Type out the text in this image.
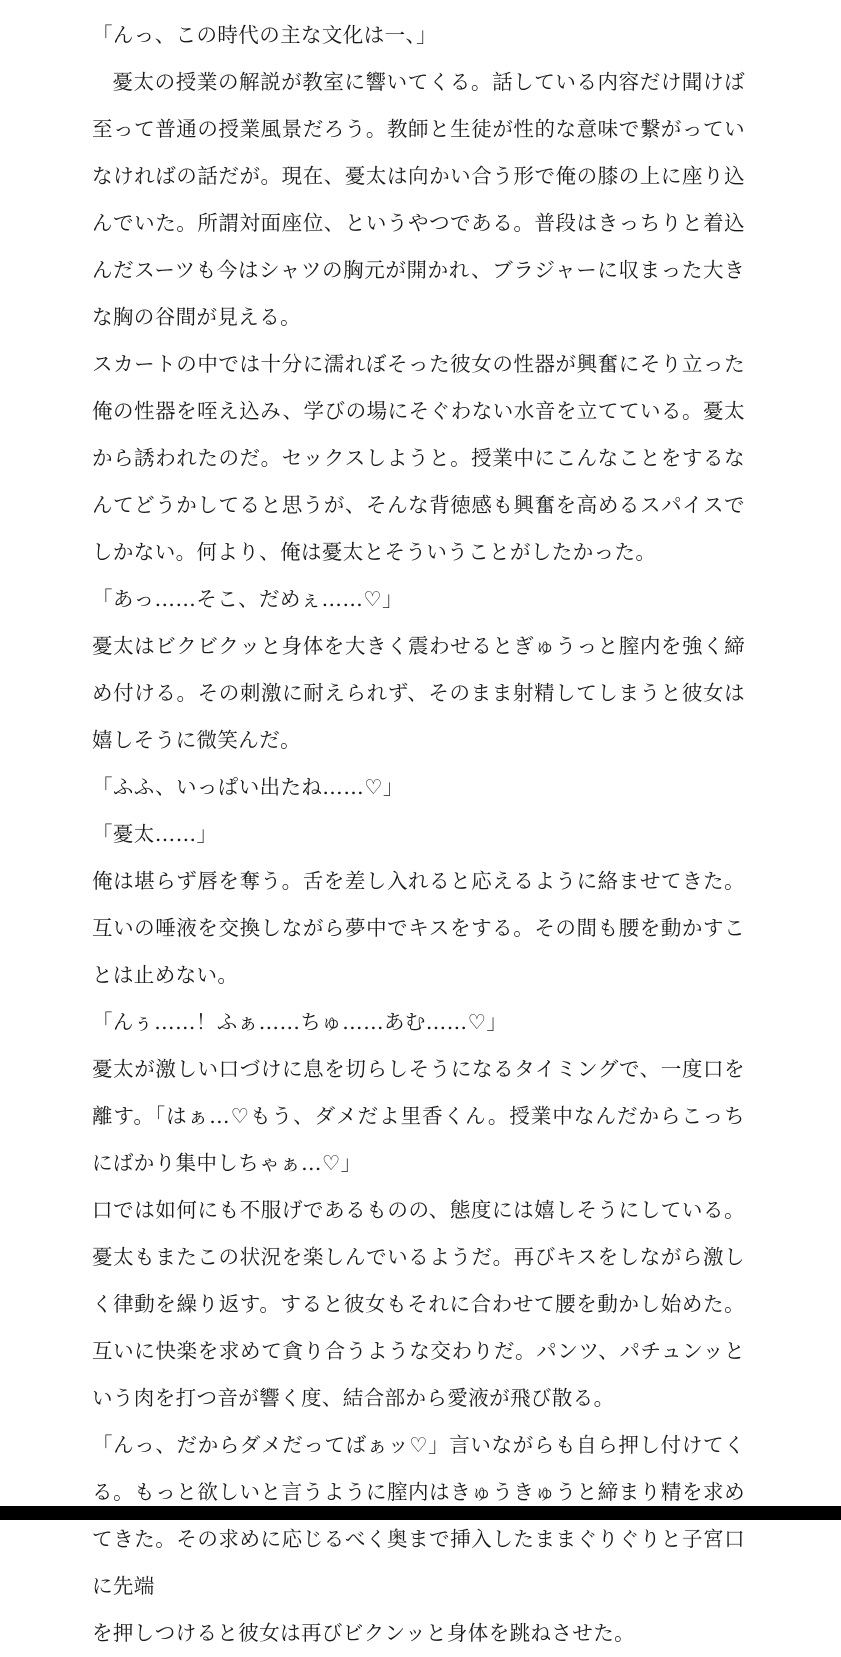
「んっ、この時代の主な文化は一、」

憂太の授業の解説が教室に響いてくる。話している内容だけ聞けば至って普通の授業風景だろう。教師と生徒が性的な意味で繋がっていなければの話だが。現在、憂太は向かい合う形で俺の膝の上に座り込んでいた。所謂対面座位、というやつである。普段はきっちりと着込んだスーツも今はシャツの胸元が開かれ、ブラジャーに収まった大きな胸の谷間が見える。

スカートの中では十分に濡れぼそった彼女の性器が興奮にそり立った俺の性器を咥え込み、学びの場にそぐわない水音を立てている。憂太から誘われたのだ。セックスしようと。授業中にこんなことをするなんてどうかしてると思うが、そんな背徳感も興奮を高めるスパイスでしかない。何より、俺は憂太とそういうことがしたかった。

「あっ……そこ、だめぇ……♡」

憂太はビクビクッと身体を大きく震わせるとぎゅうっと膣内を強く締め付ける。その刺激に耐えられず、そのまま射精してしまうと彼女は嬉しそうに微笑んだ。

「ふふ、いっぱい出たね……♡」

「憂太……」

俺は堪らず唇を奪う。舌を差し入れると応えるように絡ませてきた。互いの唾液を交換しながら夢中でキスをする。その間も腰を動かすことは止めない。

「んぅ……！ふぁ……ちゅ……あむ……♡」

憂太が激しい口づけに息を切らしそうになるタイミングで、一度口を離す。「はぁ…♡もう、ダメだよ里香くん。授業中なんだからこっちにばかり集中しちゃぁ…♡」

口では如何にも不服げであるものの、態度には嬉しそうにしている。憂太もまたこの状況を楽しんでいるようだ。再びキスをしながら激しく律動を繰り返す。すると彼女もそれに合わせて腰を動かし始めた。互いに快楽を求めて貪り合うような交わりだ。パンツ、パチュンッという肉を打つ音が響く度、結合部から愛液が飛び散る。

「んっ、だからダメだってばぁッ♡」言いながらも自ら押し付けてくる。もっと欲しいと言うように膣内はきゅうきゅうと締まり精を求めてきた。その求めに応じるべく奥まで挿入したままぐりぐりと子宮口に先端

を押しつけると彼女は再びビクンッと身体を跳ねさせた。
